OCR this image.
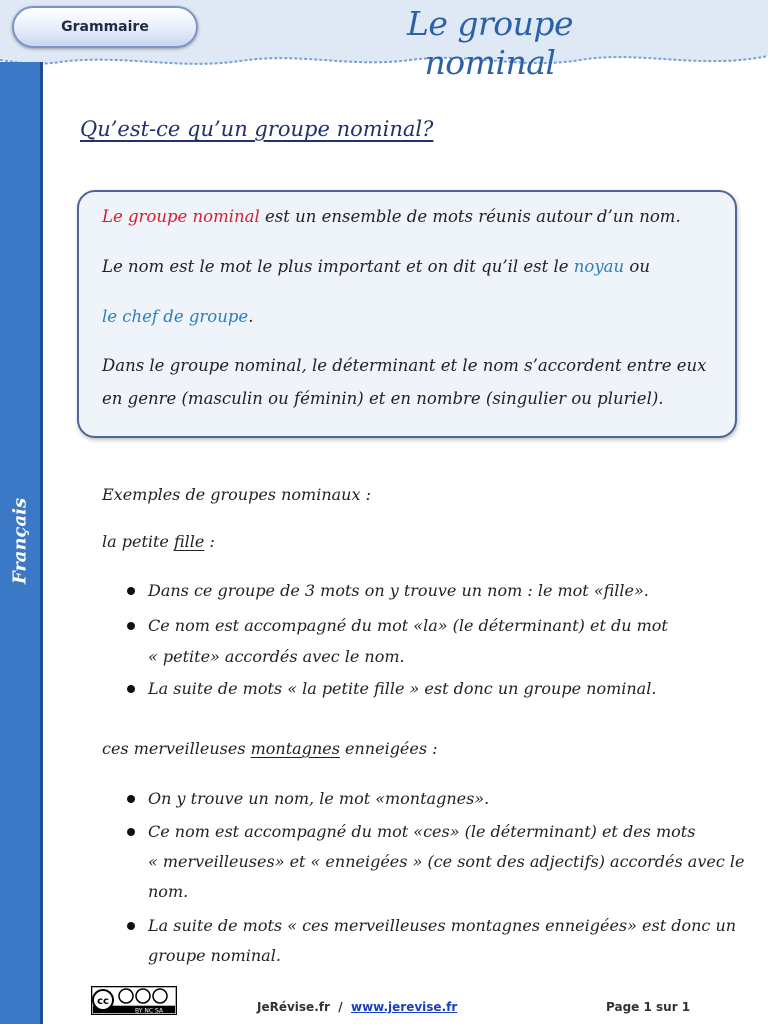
Grammaire	Le groupe nominal
Français
Qu’est-ce qu’un groupe nominal?
Le groupe nominal est un ensemble de mots réunis autour d’un nom.
Le nom est le mot le plus important et on dit qu’il est le noyau ou
le chef de groupe.
Dans le groupe nominal, le déterminant et le nom s’accordent entre eux
en genre (masculin ou féminin) et en nombre (singulier ou pluriel).
Exemples de groupes nominaux :
la petite fille :
Dans ce groupe de 3 mots on y trouve un nom : le mot «fille».
Ce nom est accompagné du mot «la» (le déterminant) et du mot
« petite» accordés avec le nom.
La suite de mots « la petite fille » est donc un groupe nominal.
ces merveilleuses montagnes enneigées :
On y trouve un nom, le mot «montagnes».
Ce nom est accompagné du mot «ces» (le déterminant) et des mots
« merveilleuses» et « enneigées » (ce sont des adjectifs) accordés avec le
nom.
La suite de mots « ces merveilleuses montagnes enneigées» est donc un
groupe nominal.
cc
BY NC SA	JeRévise.fr  /  www.jerevise.fr	Page 1 sur 1
